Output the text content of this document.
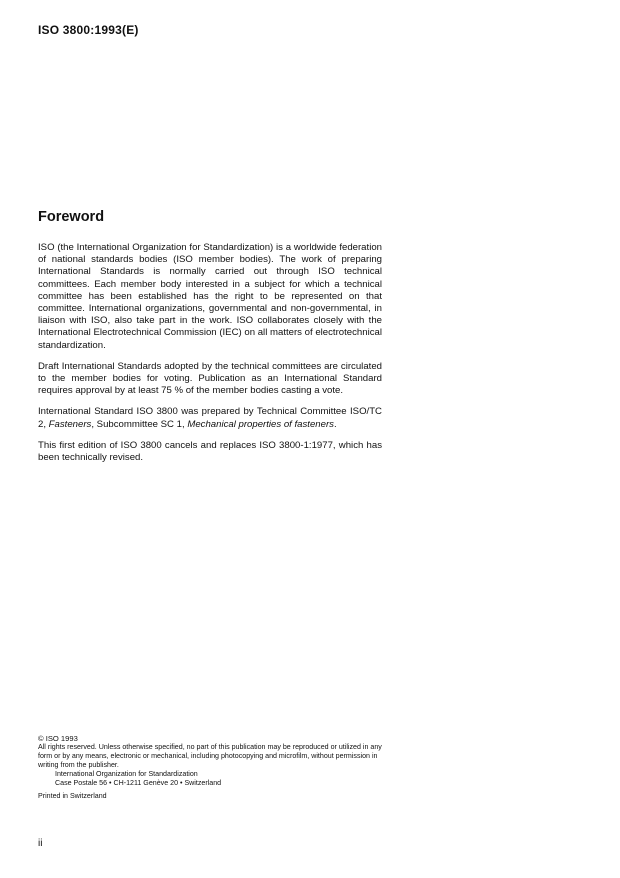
ISO 3800:1993(E)
Foreword

ISO (the International Organization for Standardization) is a worldwide federation of national standards bodies (ISO member bodies). The work of preparing International Standards is normally carried out through ISO technical committees. Each member body interested in a subject for which a technical committee has been established has the right to be represented on that committee. International organizations, governmental and non-governmental, in liaison with ISO, also take part in the work. ISO collaborates closely with the International Electrotechnical Commission (IEC) on all matters of electrotechnical standardization.

Draft International Standards adopted by the technical committees are circulated to the member bodies for voting. Publication as an International Standard requires approval by at least 75 % of the member bodies casting a vote.

International Standard ISO 3800 was prepared by Technical Committee ISO/TC 2, Fasteners, Subcommittee SC 1, Mechanical properties of fasteners.

This first edition of ISO 3800 cancels and replaces ISO 3800-1:1977, which has been technically revised.

© ISO 1993

All rights reserved. Unless otherwise specified, no part of this publication may be reproduced or utilized in any form or by any means, electronic or mechanical, including photocopying and microfilm, without permission in writing from the publisher.

International Organization for Standardization

Case Postale 56 • CH-1211 Genève 20 • Switzerland

Printed in Switzerland

ii
